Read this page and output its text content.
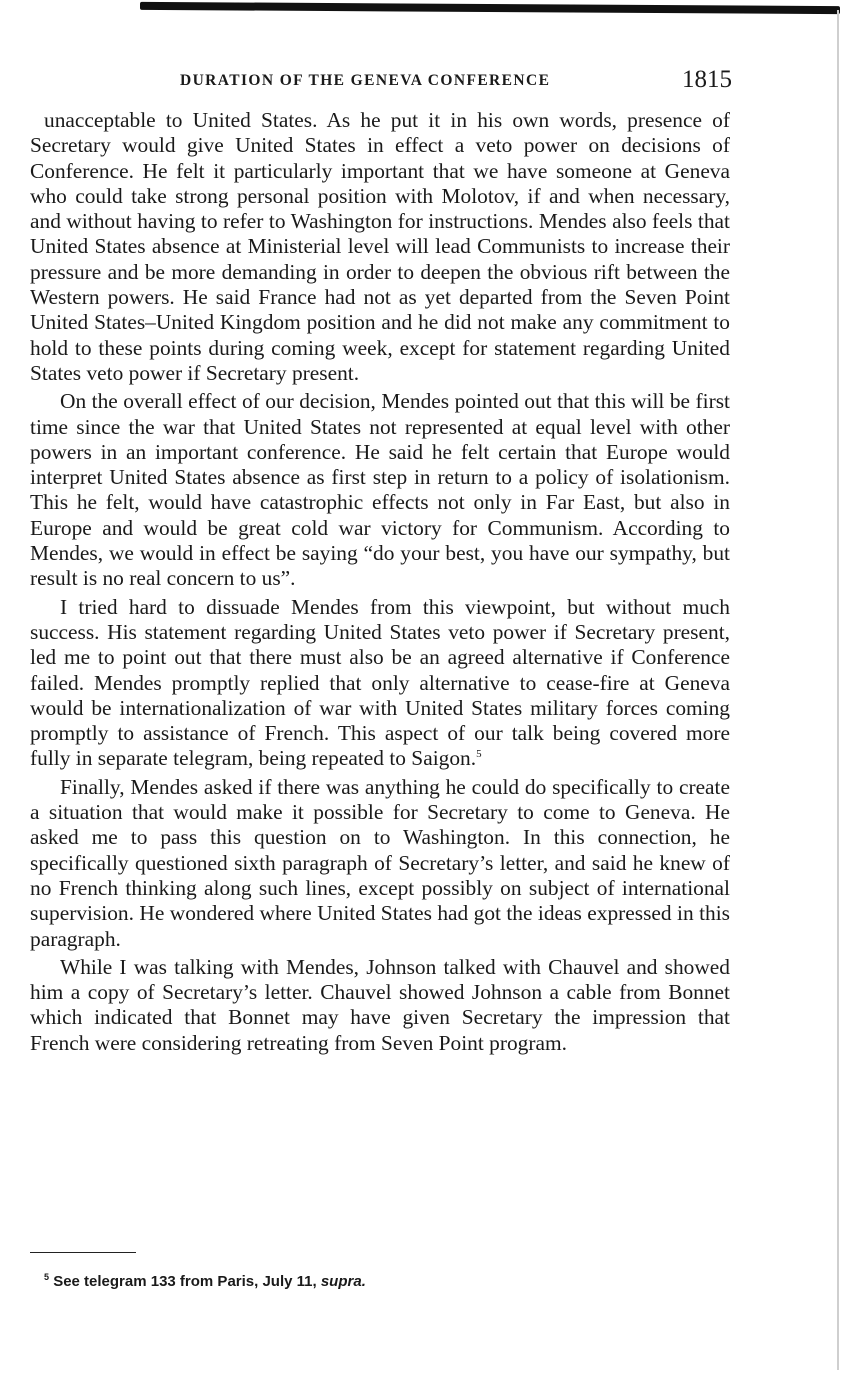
DURATION OF THE GENEVA CONFERENCE	1815

unacceptable to United States. As he put it in his own words, presence of Secretary would give United States in effect a veto power on decisions of Conference. He felt it particularly important that we have someone at Geneva who could take strong personal position with Molotov, if and when necessary, and without having to refer to Washington for instructions. Mendes also feels that United States absence at Ministerial level will lead Communists to increase their pressure and be more demanding in order to deepen the obvious rift between the Western powers. He said France had not as yet departed from the Seven Point United States–United Kingdom position and he did not make any commitment to hold to these points during coming week, except for statement regarding United States veto power if Secretary present.

On the overall effect of our decision, Mendes pointed out that this will be first time since the war that United States not represented at equal level with other powers in an important conference. He said he felt certain that Europe would interpret United States absence as first step in return to a policy of isolationism. This he felt, would have catastrophic effects not only in Far East, but also in Europe and would be great cold war victory for Communism. According to Mendes, we would in effect be saying “do your best, you have our sympathy, but result is no real concern to us”.

I tried hard to dissuade Mendes from this viewpoint, but without much success. His statement regarding United States veto power if Secretary present, led me to point out that there must also be an agreed alternative if Conference failed. Mendes promptly replied that only alternative to cease-fire at Geneva would be internationalization of war with United States military forces coming promptly to assistance of French. This aspect of our talk being covered more fully in separate telegram, being repeated to Saigon.$^5$

Finally, Mendes asked if there was anything he could do specifically to create a situation that would make it possible for Secretary to come to Geneva. He asked me to pass this question on to Washington. In this connection, he specifically questioned sixth paragraph of Secretary’s letter, and said he knew of no French thinking along such lines, except possibly on subject of international supervision. He wondered where United States had got the ideas expressed in this paragraph.

While I was talking with Mendes, Johnson talked with Chauvel and showed him a copy of Secretary’s letter. Chauvel showed Johnson a cable from Bonnet which indicated that Bonnet may have given Secretary the impression that French were considering retreating from Seven Point program.

$^5$ See telegram 133 from Paris, July 11, supra.
